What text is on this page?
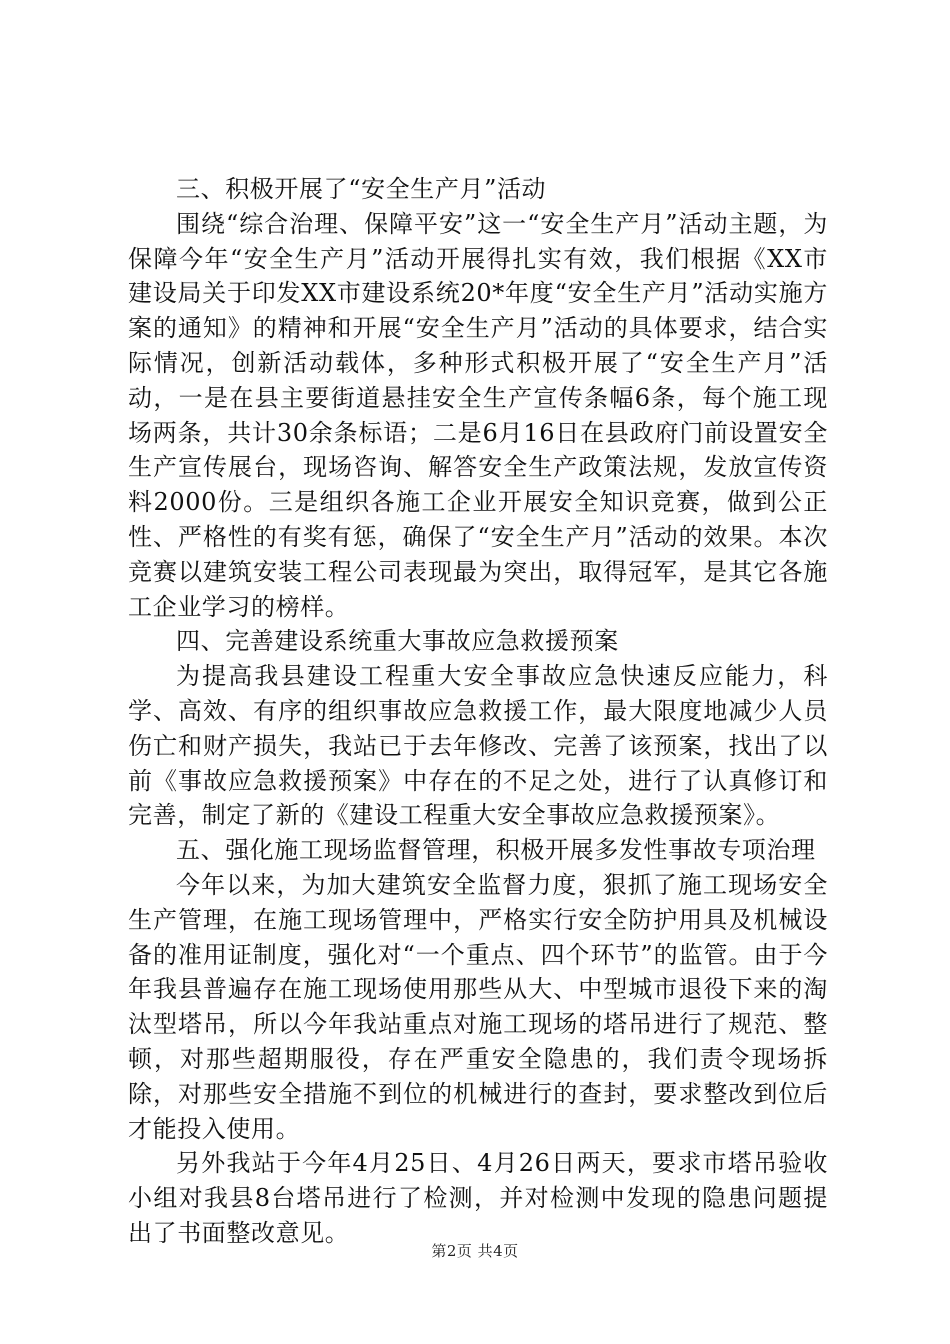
三、积极开展了“安全生产月”活动

围绕“综合治理、保障平安”这一“安全生产月”活动主题，为保障今年“安全生产月”活动开展得扎实有效，我们根据《XX市建设局关于印发XX市建设系统20*年度“安全生产月”活动实施方案的通知》的精神和开展“安全生产月”活动的具体要求，结合实际情况，创新活动载体，多种形式积极开展了“安全生产月”活动，一是在县主要街道悬挂安全生产宣传条幅6条，每个施工现场两条，共计30余条标语；二是6月16日在县政府门前设置安全生产宣传展台，现场咨询、解答安全生产政策法规，发放宣传资料2000份。三是组织各施工企业开展安全知识竞赛，做到公正性、严格性的有奖有惩，确保了“安全生产月”活动的效果。本次竞赛以建筑安装工程公司表现最为突出，取得冠军，是其它各施工企业学习的榜样。

四、完善建设系统重大事故应急救援预案

为提高我县建设工程重大安全事故应急快速反应能力，科学、高效、有序的组织事故应急救援工作，最大限度地减少人员伤亡和财产损失，我站已于去年修改、完善了该预案，找出了以前《事故应急救援预案》中存在的不足之处，进行了认真修订和完善，制定了新的《建设工程重大安全事故应急救援预案》。

五、强化施工现场监督管理，积极开展多发性事故专项治理

今年以来，为加大建筑安全监督力度，狠抓了施工现场安全生产管理，在施工现场管理中，严格实行安全防护用具及机械设备的准用证制度，强化对“一个重点、四个环节”的监管。由于今年我县普遍存在施工现场使用那些从大、中型城市退役下来的淘汰型塔吊，所以今年我站重点对施工现场的塔吊进行了规范、整顿，对那些超期服役，存在严重安全隐患的，我们责令现场拆除，对那些安全措施不到位的机械进行的查封，要求整改到位后才能投入使用。

另外我站于今年4月25日、4月26日两天，要求市塔吊验收小组对我县8台塔吊进行了检测，并对检测中发现的隐患问题提出了书面整改意见。

第2页 共4页
